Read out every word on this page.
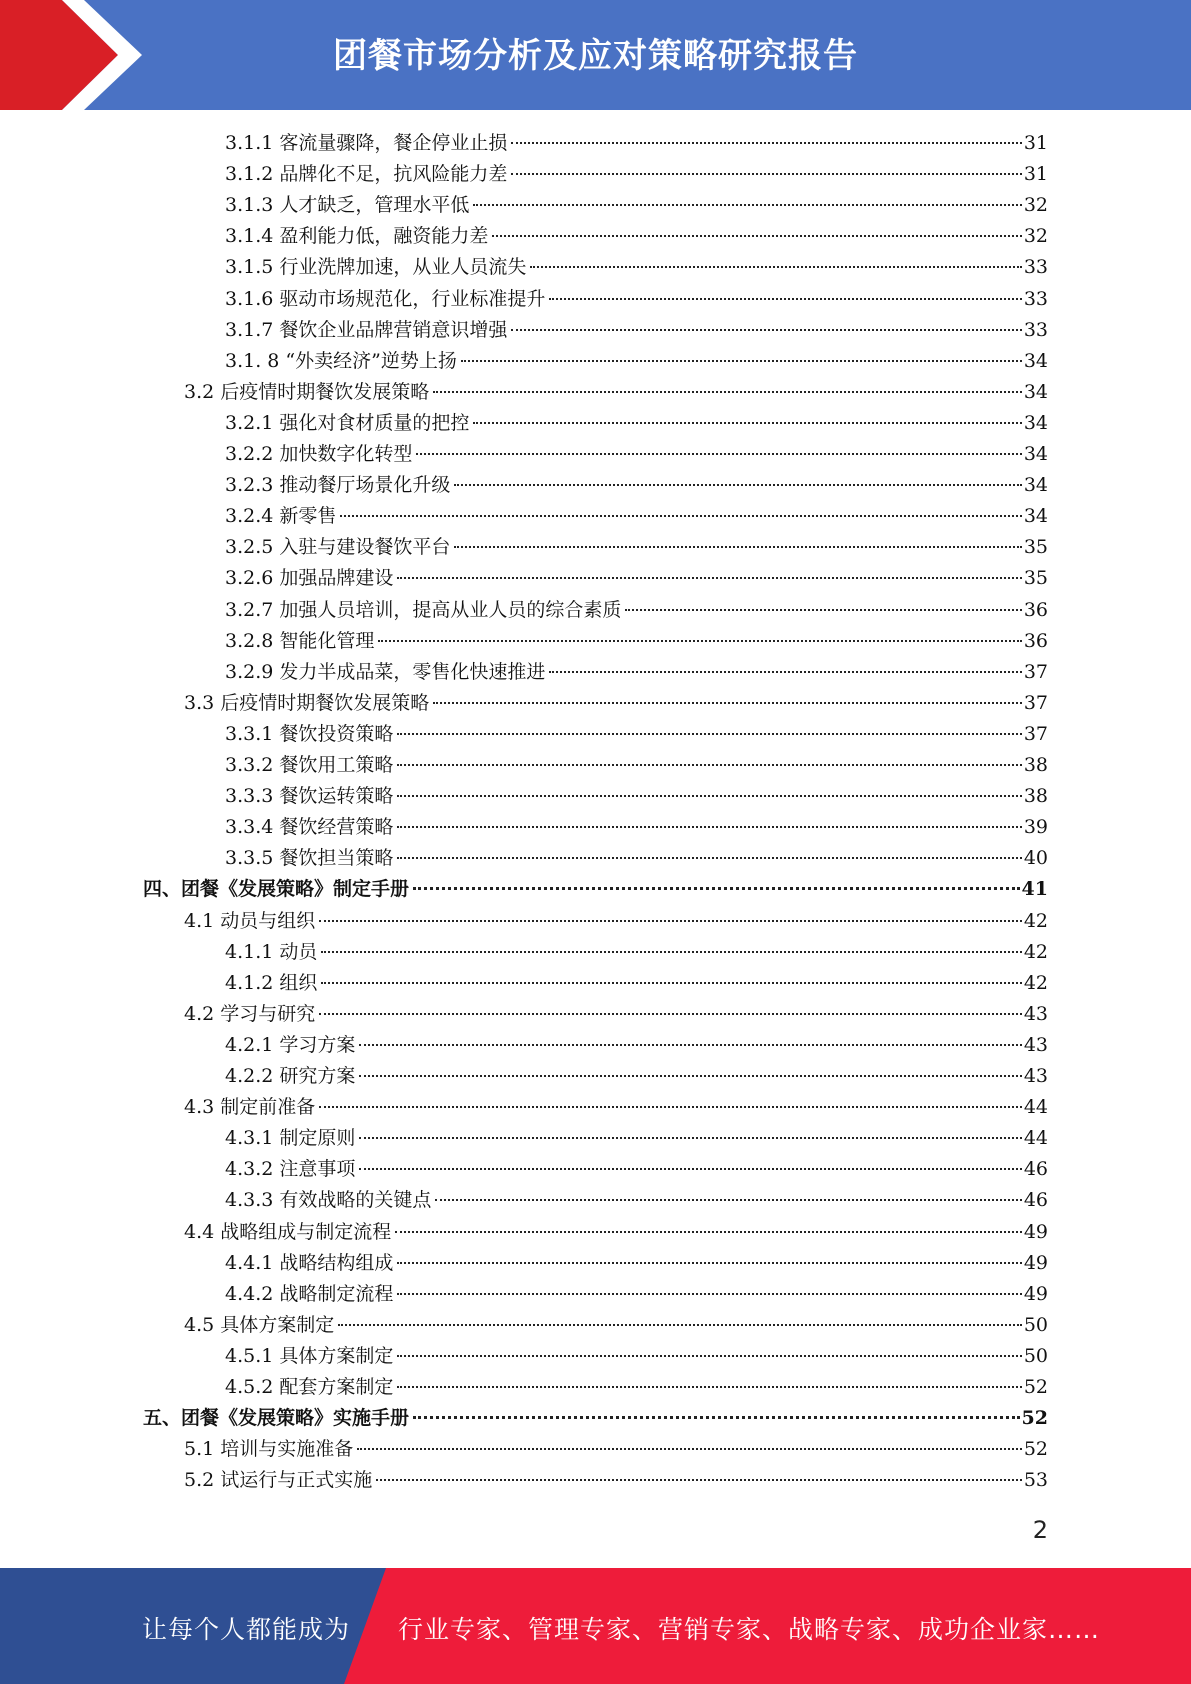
团餐市场分析及应对策略研究报告
3.1.1 客流量骤降，餐企停业止损	31
3.1.2 品牌化不足，抗风险能力差	31
3.1.3 人才缺乏，管理水平低	32
3.1.4 盈利能力低，融资能力差	32
3.1.5 行业洗牌加速，从业人员流失	33
3.1.6 驱动市场规范化，行业标准提升	33
3.1.7 餐饮企业品牌营销意识增强	33
3.1. 8 “外卖经济”逆势上扬	34
3.2 后疫情时期餐饮发展策略	34
3.2.1 强化对食材质量的把控	34
3.2.2 加快数字化转型	34
3.2.3 推动餐厅场景化升级	34
3.2.4 新零售	34
3.2.5 入驻与建设餐饮平台	35
3.2.6 加强品牌建设	35
3.2.7 加强人员培训，提高从业人员的综合素质	36
3.2.8 智能化管理	36
3.2.9 发力半成品菜，零售化快速推进	37
3.3 后疫情时期餐饮发展策略	37
3.3.1 餐饮投资策略	37
3.3.2 餐饮用工策略	38
3.3.3 餐饮运转策略	38
3.3.4 餐饮经营策略	39
3.3.5 餐饮担当策略	40
四、团餐《发展策略》制定手册	41
4.1 动员与组织	42
4.1.1 动员	42
4.1.2 组织	42
4.2 学习与研究	43
4.2.1 学习方案	43
4.2.2 研究方案	43
4.3 制定前准备	44
4.3.1 制定原则	44
4.3.2 注意事项	46
4.3.3 有效战略的关键点	46
4.4 战略组成与制定流程	49
4.4.1 战略结构组成	49
4.4.2 战略制定流程	49
4.5 具体方案制定	50
4.5.1 具体方案制定	50
4.5.2 配套方案制定	52
五、团餐《发展策略》实施手册	52
5.1 培训与实施准备	52
5.2 试运行与正式实施	53
2
让每个人都能成为 行业专家、管理专家、营销专家、战略专家、成功企业家……
